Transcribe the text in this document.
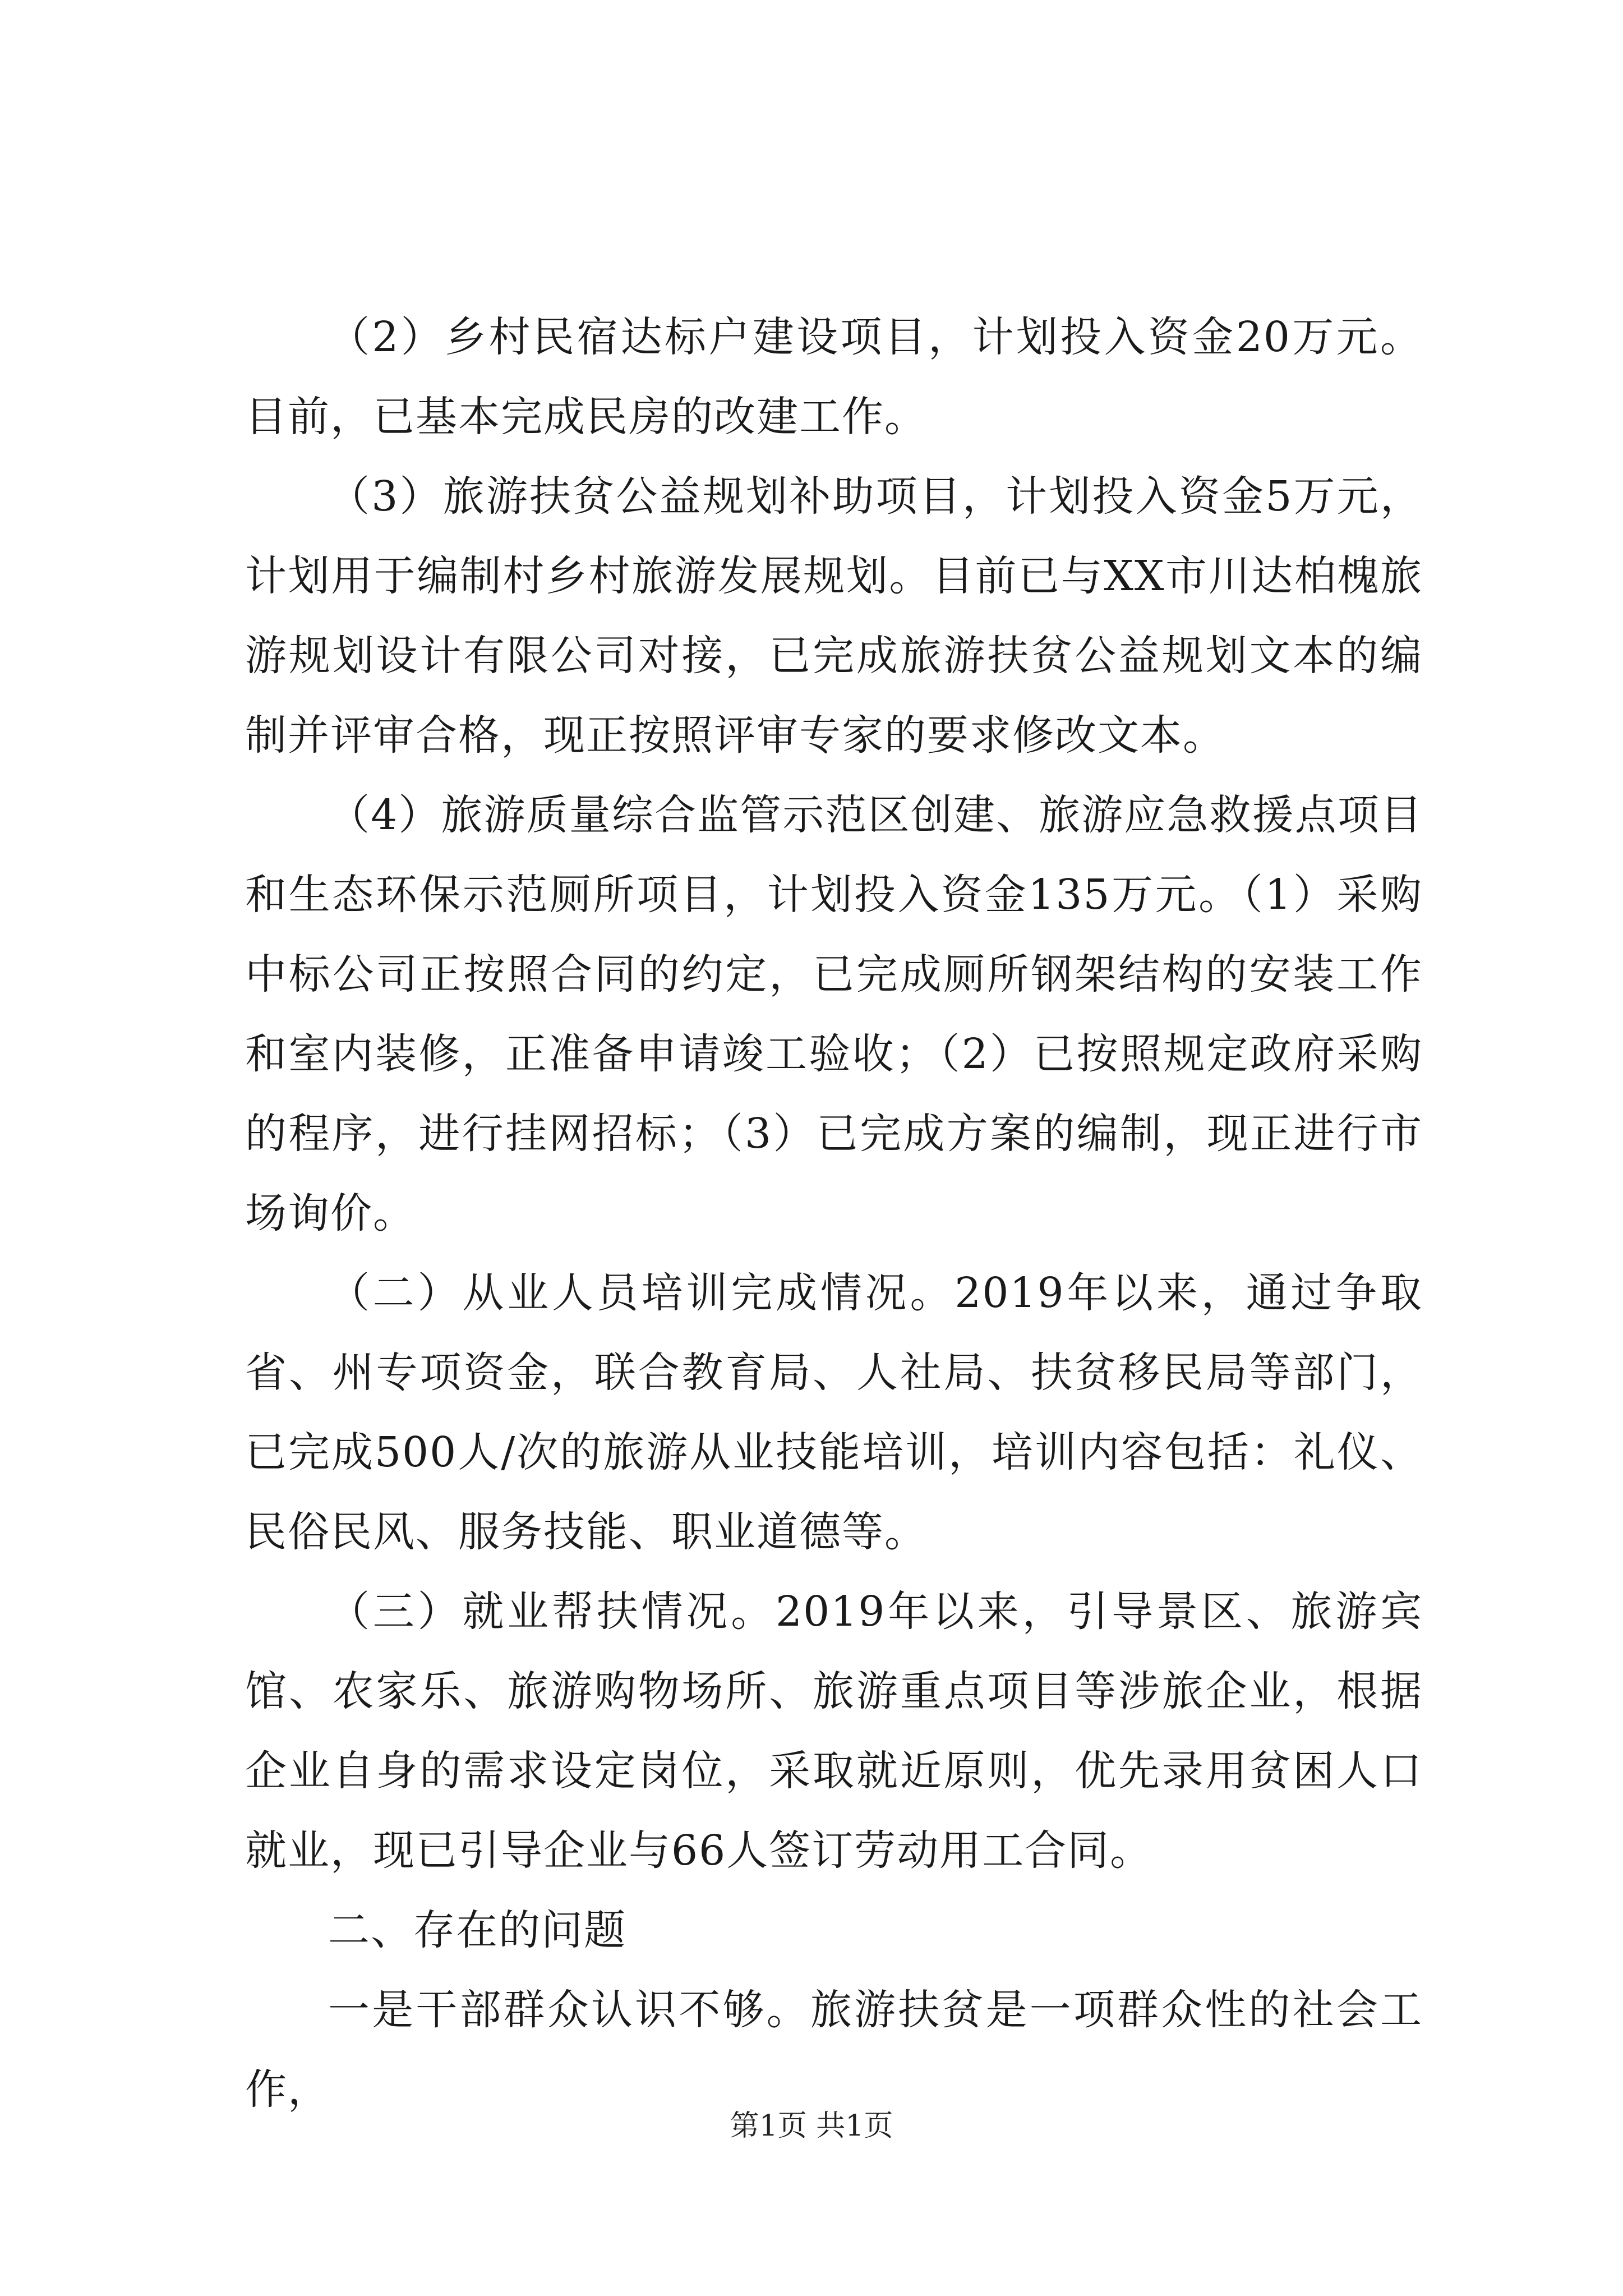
（2）乡村民宿达标户建设项目，计划投入资金20万元。目前，已基本完成民房的改建工作。

（3）旅游扶贫公益规划补助项目，计划投入资金5万元，计划用于编制村乡村旅游发展规划。目前已与XX市川达柏槐旅游规划设计有限公司对接，已完成旅游扶贫公益规划文本的编制并评审合格，现正按照评审专家的要求修改文本。

（4）旅游质量综合监管示范区创建、旅游应急救援点项目和生态环保示范厕所项目，计划投入资金135万元。（1）采购中标公司正按照合同的约定，已完成厕所钢架结构的安装工作和室内装修，正准备申请竣工验收；（2）已按照规定政府采购的程序，进行挂网招标；（3）已完成方案的编制，现正进行市场询价。

（二）从业人员培训完成情况。2019年以来，通过争取省、州专项资金，联合教育局、人社局、扶贫移民局等部门，已完成500人/次的旅游从业技能培训，培训内容包括：礼仪、民俗民风、服务技能、职业道德等。

（三）就业帮扶情况。2019年以来，引导景区、旅游宾馆、农家乐、旅游购物场所、旅游重点项目等涉旅企业，根据企业自身的需求设定岗位，采取就近原则，优先录用贫困人口就业，现已引导企业与66人签订劳动用工合同。

二、存在的问题

一是干部群众认识不够。旅游扶贫是一项群众性的社会工作，

第1页 共1页
